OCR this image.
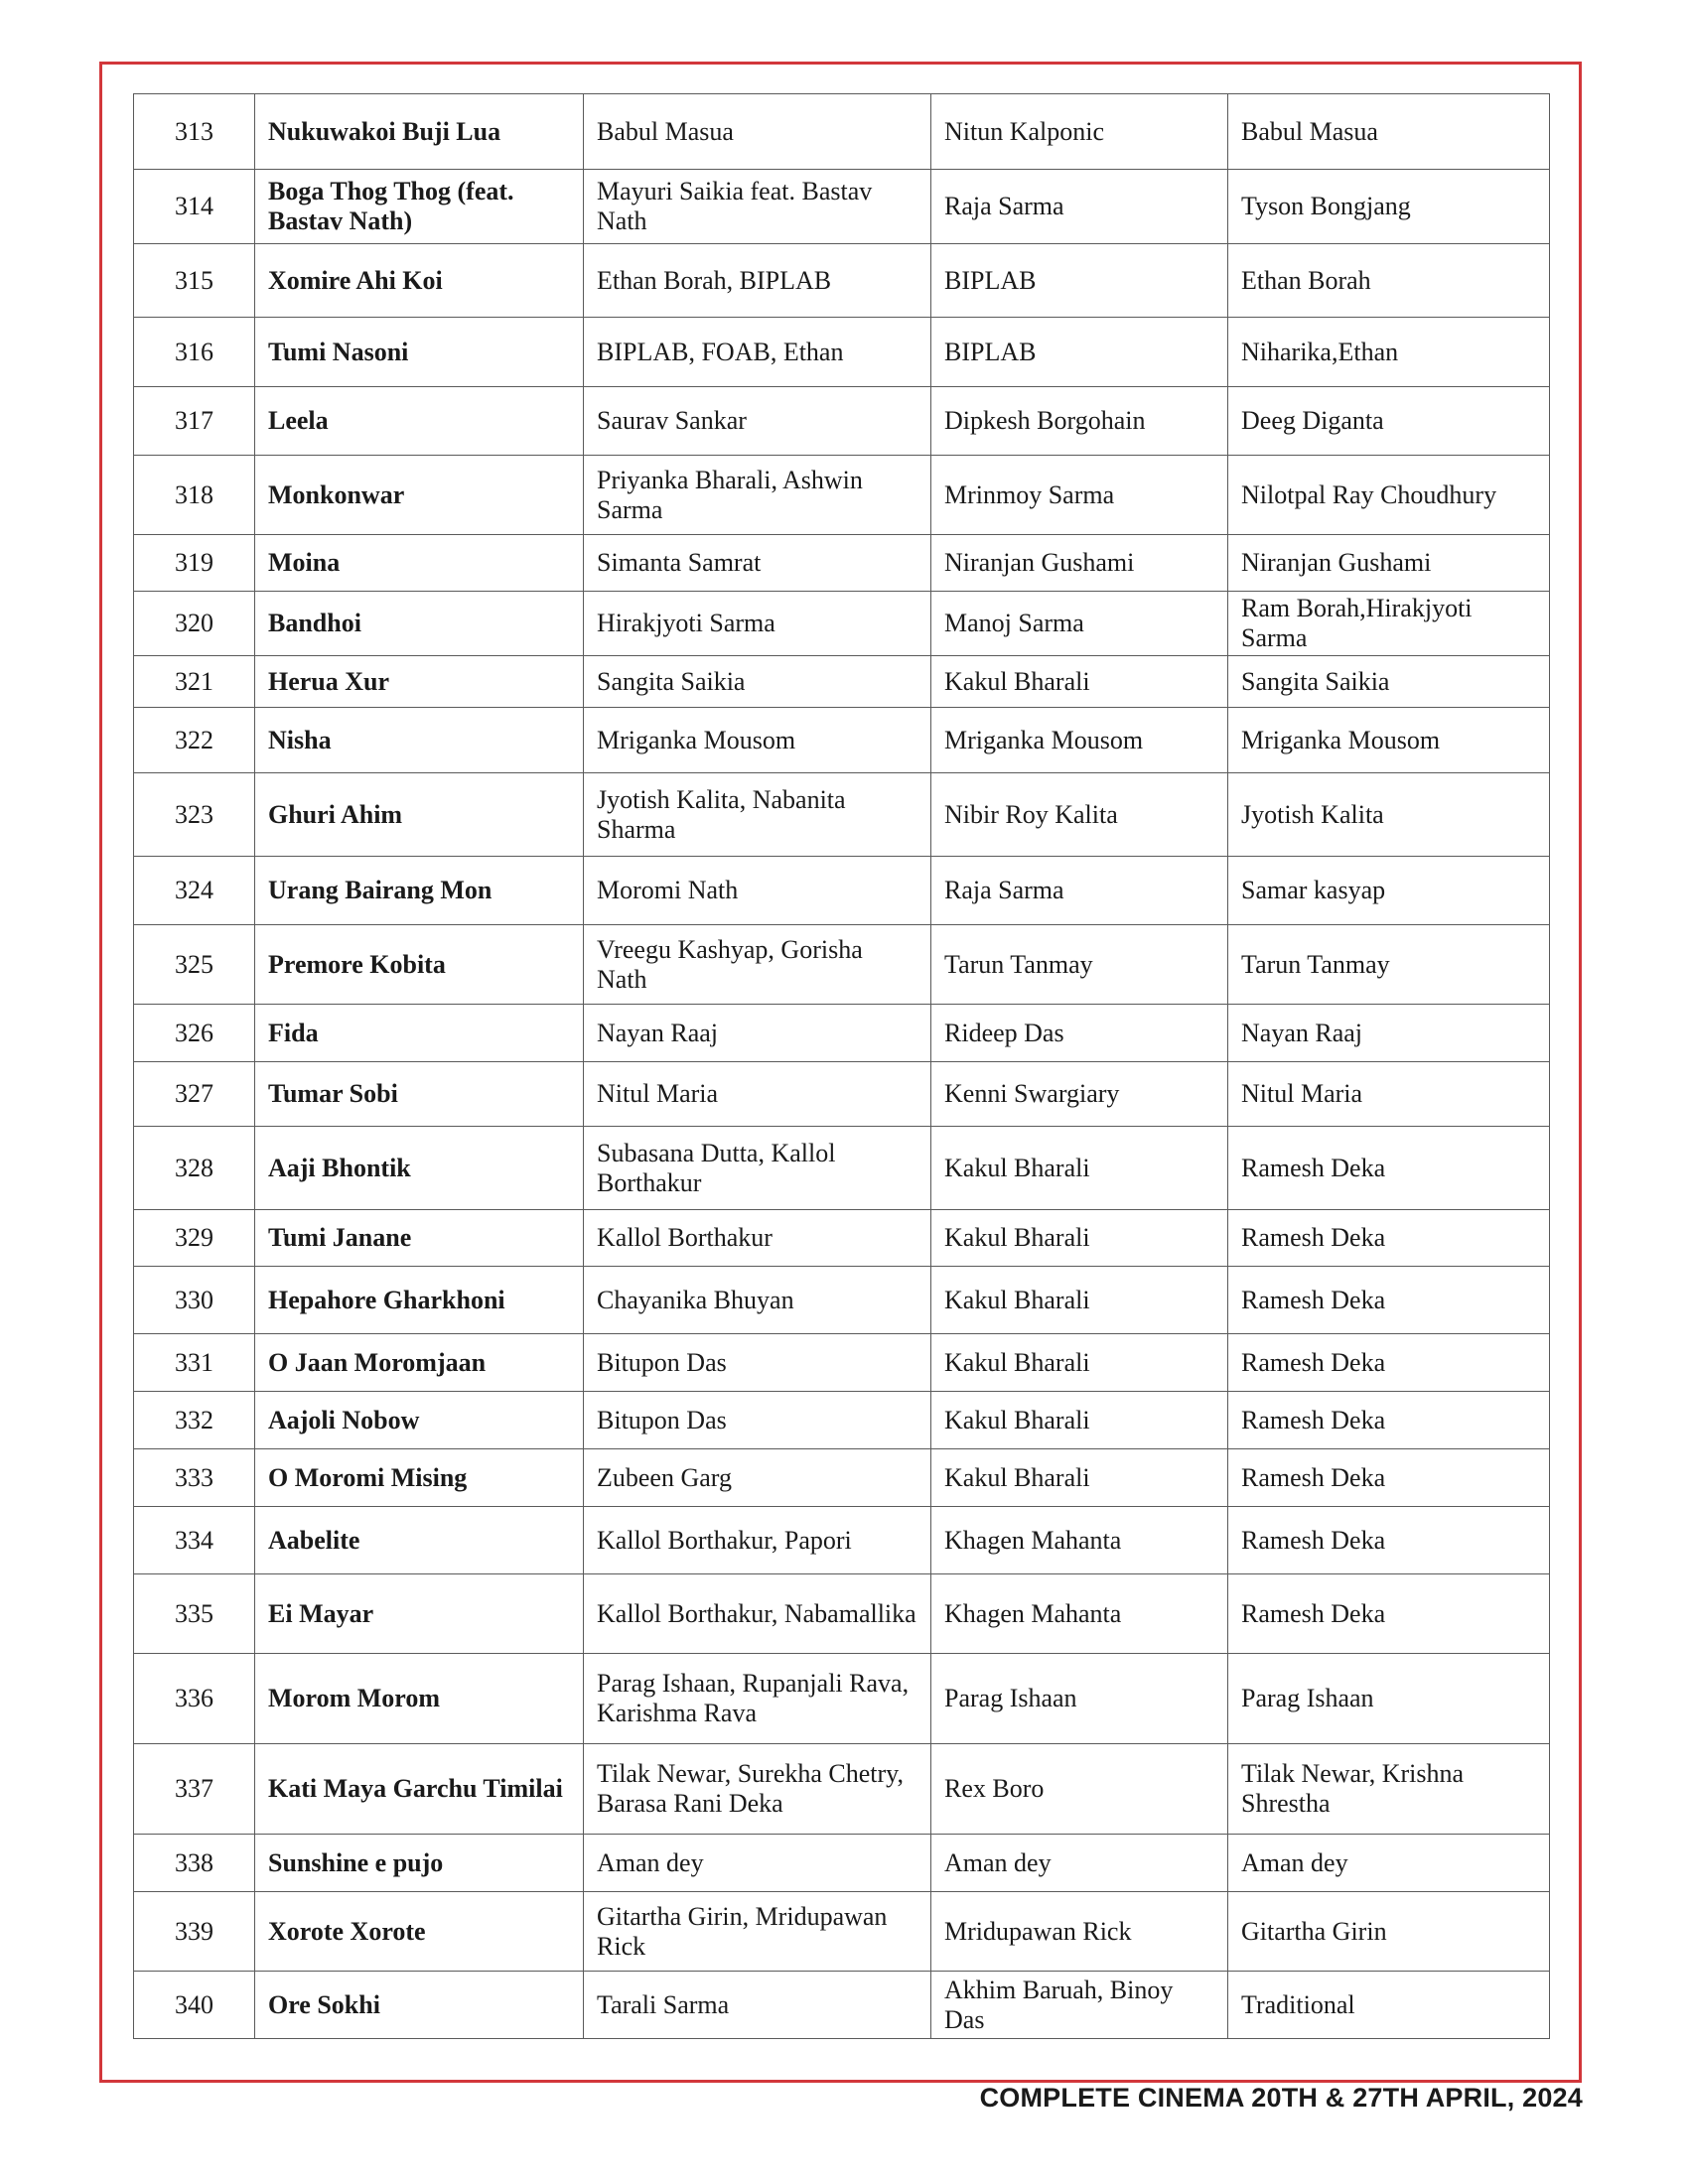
313	Nukuwakoi Buji Lua	Babul Masua	Nitun Kalponic	Babul Masua
314	Boga Thog Thog (feat. Bastav Nath)	Mayuri Saikia feat. Bastav Nath	Raja Sarma	Tyson Bongjang
315	Xomire Ahi Koi	Ethan Borah, BIPLAB	BIPLAB	Ethan Borah
316	Tumi Nasoni	BIPLAB, FOAB, Ethan	BIPLAB	Niharika,Ethan
317	Leela	Saurav Sankar	Dipkesh Borgohain	Deeg Diganta
318	Monkonwar	Priyanka Bharali, Ashwin Sarma	Mrinmoy Sarma	Nilotpal Ray Choudhury
319	Moina	Simanta Samrat	Niranjan Gushami	Niranjan Gushami
320	Bandhoi	Hirakjyoti Sarma	Manoj Sarma	Ram Borah,Hirakjyoti Sarma
321	Herua Xur	Sangita Saikia	Kakul Bharali	Sangita Saikia
322	Nisha	Mriganka Mousom	Mriganka Mousom	Mriganka Mousom
323	Ghuri Ahim	Jyotish Kalita, Nabanita Sharma	Nibir Roy Kalita	Jyotish Kalita
324	Urang Bairang Mon	Moromi Nath	Raja Sarma	Samar kasyap
325	Premore Kobita	Vreegu Kashyap, Gorisha Nath	Tarun Tanmay	Tarun Tanmay
326	Fida	Nayan Raaj	Rideep Das	Nayan Raaj
327	Tumar Sobi	Nitul Maria	Kenni Swargiary	Nitul Maria
328	Aaji Bhontik	Subasana Dutta, Kallol Borthakur	Kakul Bharali	Ramesh Deka
329	Tumi Janane	Kallol Borthakur	Kakul Bharali	Ramesh Deka
330	Hepahore Gharkhoni	Chayanika Bhuyan	Kakul Bharali	Ramesh Deka
331	O Jaan Moromjaan	Bitupon Das	Kakul Bharali	Ramesh Deka
332	Aajoli Nobow	Bitupon Das	Kakul Bharali	Ramesh Deka
333	O Moromi Mising	Zubeen Garg	Kakul Bharali	Ramesh Deka
334	Aabelite	Kallol Borthakur, Papori	Khagen Mahanta	Ramesh Deka
335	Ei Mayar	Kallol Borthakur, Nabamallika	Khagen Mahanta	Ramesh Deka
336	Morom Morom	Parag Ishaan, Rupanjali Rava, Karishma Rava	Parag Ishaan	Parag Ishaan
337	Kati Maya Garchu Timilai	Tilak Newar, Surekha Chetry, Barasa Rani Deka	Rex Boro	Tilak Newar, Krishna Shrestha
338	Sunshine e pujo	Aman dey	Aman dey	Aman dey
339	Xorote Xorote	Gitartha Girin, Mridupawan Rick	Mridupawan Rick	Gitartha Girin
340	Ore Sokhi	Tarali Sarma	Akhim Baruah, Binoy Das	Traditional
COMPLETE CINEMA 20TH & 27TH APRIL, 2024
